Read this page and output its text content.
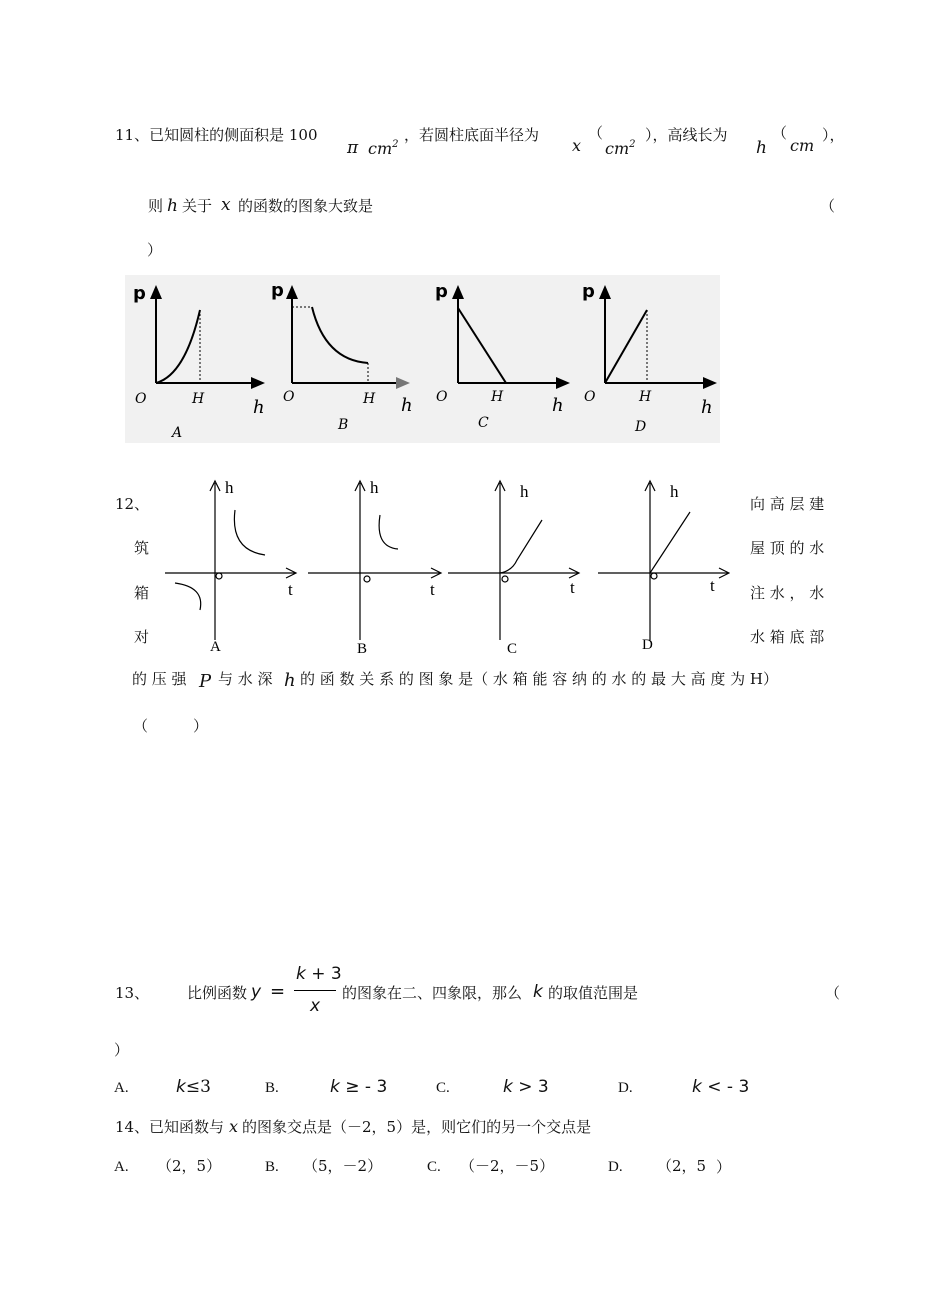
11、已知圆柱的侧面积是 100
π $cm^2$
，若圆柱底面半径为
x
（
$cm^2$
），高线长为
h
（
cm
），
则 h 关于 x 的函数的图象大致是	（
）
p
O	H	h
A
p
O	H h
B
p
O	H	h
C
p
O	H	h
D
12、
筑
箱
对
向 高 层 建
屋 顶 的 水
注 水 ， 水
水 箱 底 部
h
t
A
h
t
B
h
t
C
h
t
D
的 压 强 P 与 水 深 h 的 函 数 关 系 的 图 象 是（ 水 箱 能 容 纳 的 水 的 最 大 高 度 为 H）
（　　　）
13、	比例函数 y =
k + 3
x
的图象在二、四象限，那么 k 的取值范围是	（
）
A.	k≤3	B.	k ≥ - 3	C.	k > 3	D.	k < - 3
14、 已知函数与 x 的图象交点是（－2，5）是，则它们的另一个交点是
A. （2，5）	B. （5，－2）	C. （－2，－5）	D. （2，5 ）
